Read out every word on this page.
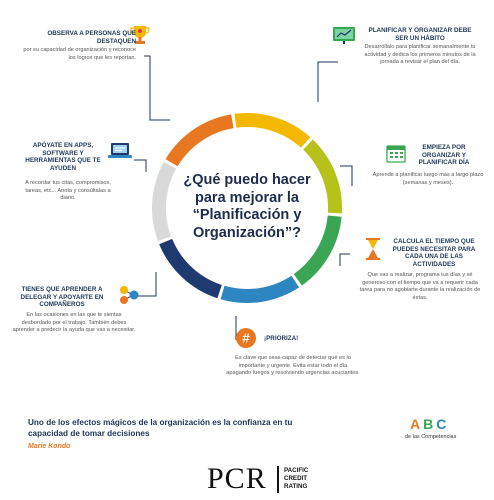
¿Qué puedo hacer para mejorar la “Planificación y Organización”?
OBSERVA A PERSONAS QUE DESTAQUEN

por su capacidad de organización y reconoce los logros que les reportan.

PLANIFICAR Y ORGANIZAR DEBE SER UN HÁBITO

Desarróllalo para planificar semanalmente tu actividad y dedica los primeros minutos de la jornada a revisar el plan del día.

EMPIEZA POR ORGANIZAR Y PLANIFICAR DÍA

Aprende a planificar luego más a largo plazo (semanas y meses).

CALCULA EL TIEMPO QUE PUEDES NECESITAR PARA CADA UNA DE LAS ACTIVIDADES

Que vas a realizar, programa tus días y sé generoso con el tiempo que va a requerir cada tarea para no agobiarte durante la realización de éstas.

# ¡PRIORIZA!

Es clave que seas capaz de detectar qué es lo importante y urgente. Evita estar todo el día apagando fuegos y resolviendo urgencias acuciantes.

TIENES QUE APRENDER A DELEGAR Y APOYARTE EN COMPAÑEROS

En las ocasiones en las que te sientas desbordado por el trabajo. También debes aprender a predecir la ayuda que vas a necesitar.

APÓYATE EN APPS, SOFTWARE Y HERRAMIENTAS QUE TE AYUDEN

A recordar tus citas, compromisos, tareas, etc... Anota y consúltalas a diario.

Uno de los efectos mágicos de la organización es la confianza en tu capacidad de tomar decisiones
Marie Kondo
ABC
de las Competencias
PCR	PACIFIC
CREDIT
RATING
